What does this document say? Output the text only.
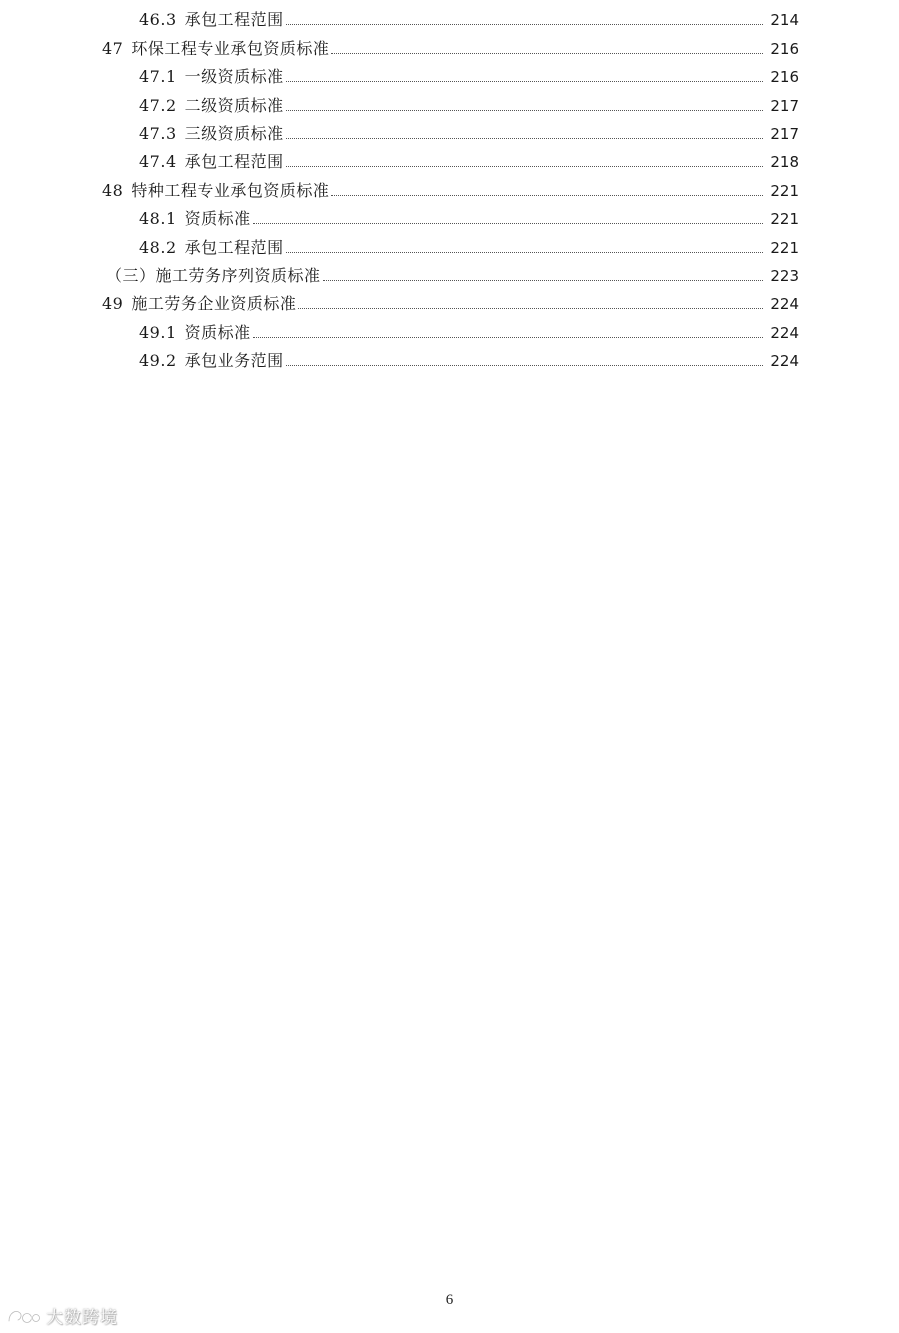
46.3 承包工程范围	214
47 环保工程专业承包资质标准	216
47.1 一级资质标准	216
47.2 二级资质标准	217
47.3 三级资质标准	217
47.4 承包工程范围	218
48 特种工程专业承包资质标准	221
48.1 资质标准	221
48.2 承包工程范围	221
（三）施工劳务序列资质标准	223
49 施工劳务企业资质标准	224
49.1 资质标准	224
49.2 承包业务范围	224
6
大数跨境
